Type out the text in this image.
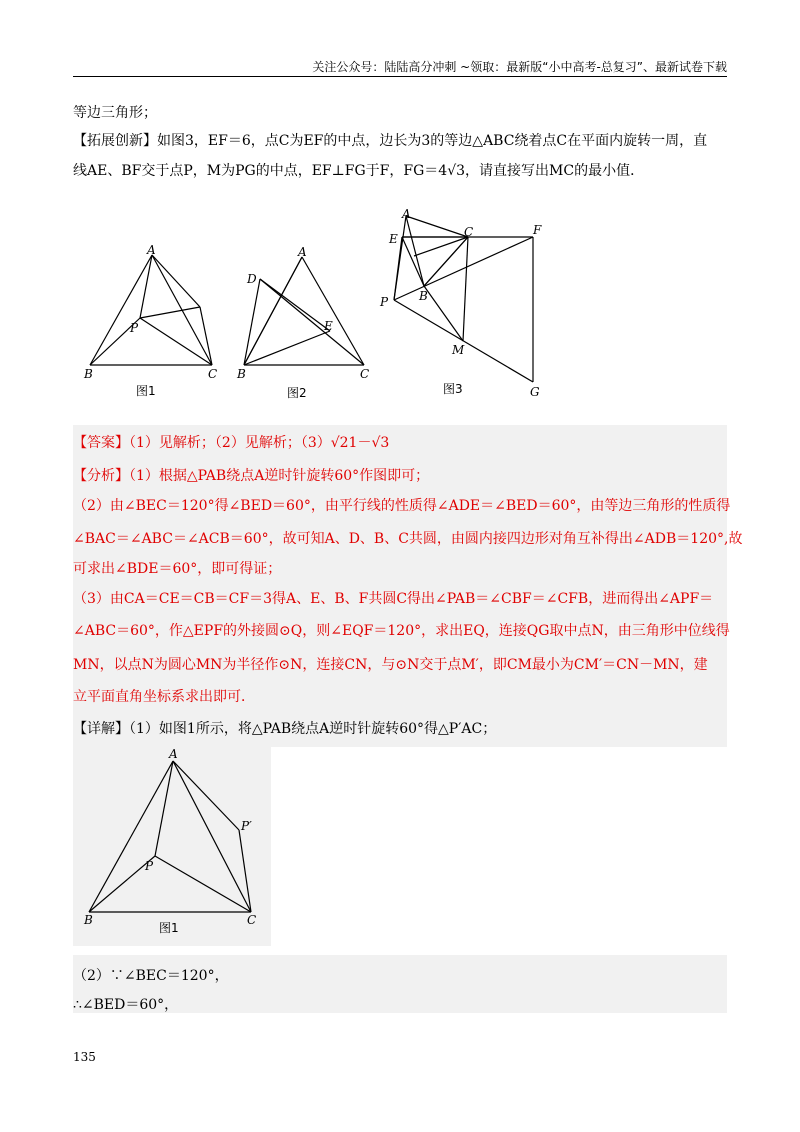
关注公众号：陆陆高分冲刺 ~领取：最新版“小中高考-总复习”、最新试卷下载
等边三角形；
【拓展创新】如图3，EF＝6，点C为EF的中点，边长为3的等边△ABC绕着点C在平面内旋转一周，直
线AE、BF交于点P，M为PG的中点，EF⊥FG于F，FG＝4√3，请直接写出MC的最小值．
A
B	C
P
图1
A
D
E
B	C
图2
A
E	C	F
B
P
M
G
图3
【答案】（1）见解析；（2）见解析；（3）√21－√3
【分析】（1）根据△PAB绕点A逆时针旋转60°作图即可；
（2）由∠BEC＝120°得∠BED＝60°，由平行线的性质得∠ADE＝∠BED＝60°，由等边三角形的性质得
∠BAC＝∠ABC＝∠ACB＝60°，故可知A、D、B、C共圆，由圆内接四边形对角互补得出∠ADB＝120°,故
可求出∠BDE＝60°，即可得证；
（3）由CA＝CE＝CB＝CF＝3得A、E、B、F共圆C得出∠PAB＝∠CBF＝∠CFB，进而得出∠APF＝
∠ABC＝60°，作△EPF的外接圆⊙Q，则∠EQF＝120°，求出EQ，连接QG取中点N，由三角形中位线得
MN，以点N为圆心MN为半径作⊙N，连接CN，与⊙N交于点M′，即CM最小为CM′＝CN－MN，建
立平面直角坐标系求出即可．
【详解】（1）如图1所示，将△PAB绕点A逆时针旋转60°得△P′AC；
A
P′
P
B	C
图1
（2）∵∠BEC＝120°，
∴∠BED＝60°，
135
